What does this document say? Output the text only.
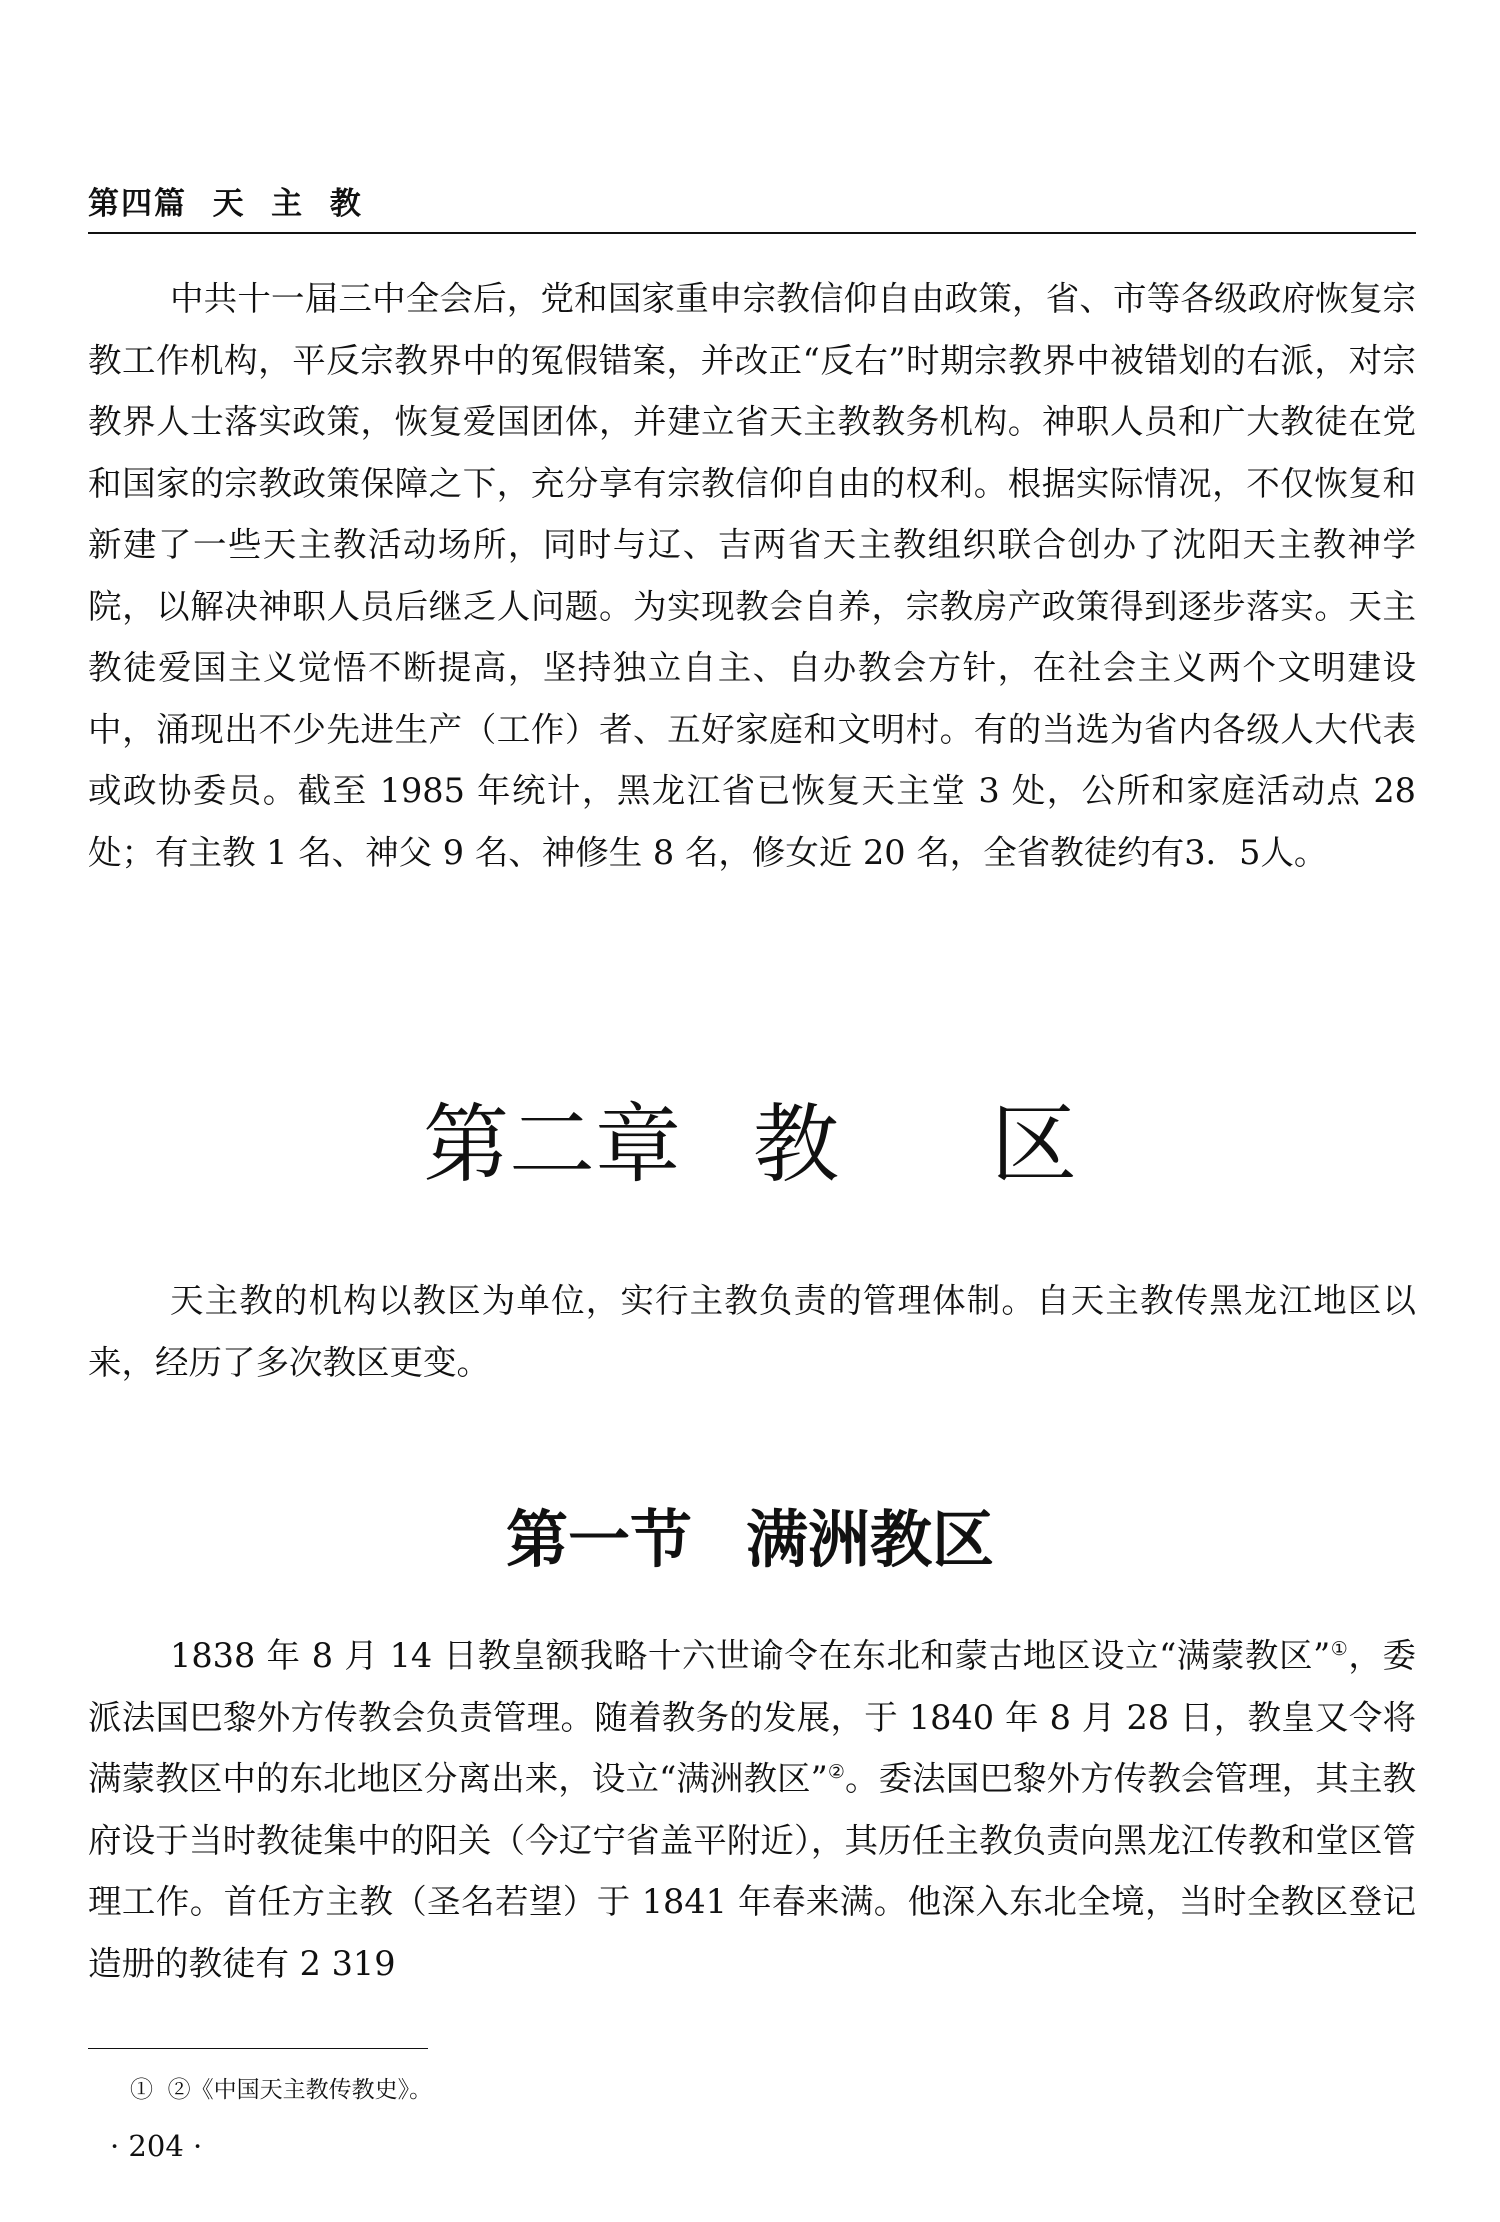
第四篇  天  主  教

中共十一届三中全会后，党和国家重申宗教信仰自由政策，省、市等各级政府恢复宗教工作机构，平反宗教界中的冤假错案，并改正“反右”时期宗教界中被错划的右派，对宗教界人士落实政策，恢复爱国团体，并建立省天主教教务机构。神职人员和广大教徒在党和国家的宗教政策保障之下，充分享有宗教信仰自由的权利。根据实际情况，不仅恢复和新建了一些天主教活动场所，同时与辽、吉两省天主教组织联合创办了沈阳天主教神学院，以解决神职人员后继乏人问题。为实现教会自养，宗教房产政策得到逐步落实。天主教徒爱国主义觉悟不断提高，坚持独立自主、自办教会方针，在社会主义两个文明建设中，涌现出不少先进生产（工作）者、五好家庭和文明村。有的当选为省内各级人大代表或政协委员。截至 1985 年统计，黑龙江省已恢复天主堂 3 处，公所和家庭活动点 28 处；有主教 1 名、神父 9 名、神修生 8 名，修女近 20 名，全省教徒约有3．5人。

第二章 教 区

天主教的机构以教区为单位，实行主教负责的管理体制。自天主教传黑龙江地区以来，经历了多次教区更变。

第一节 满洲教区

1838 年 8 月 14 日教皇额我略十六世谕令在东北和蒙古地区设立“满蒙教区”①，委派法国巴黎外方传教会负责管理。随着教务的发展，于 1840 年 8 月 28 日，教皇又令将满蒙教区中的东北地区分离出来，设立“满洲教区”②。委法国巴黎外方传教会管理，其主教府设于当时教徒集中的阳关（今辽宁省盖平附近），其历任主教负责向黑龙江传教和堂区管理工作。首任方主教（圣名若望）于 1841 年春来满。他深入东北全境，当时全教区登记造册的教徒有 2 319

①  ②《中国天主教传教史》。
· 204 ·
